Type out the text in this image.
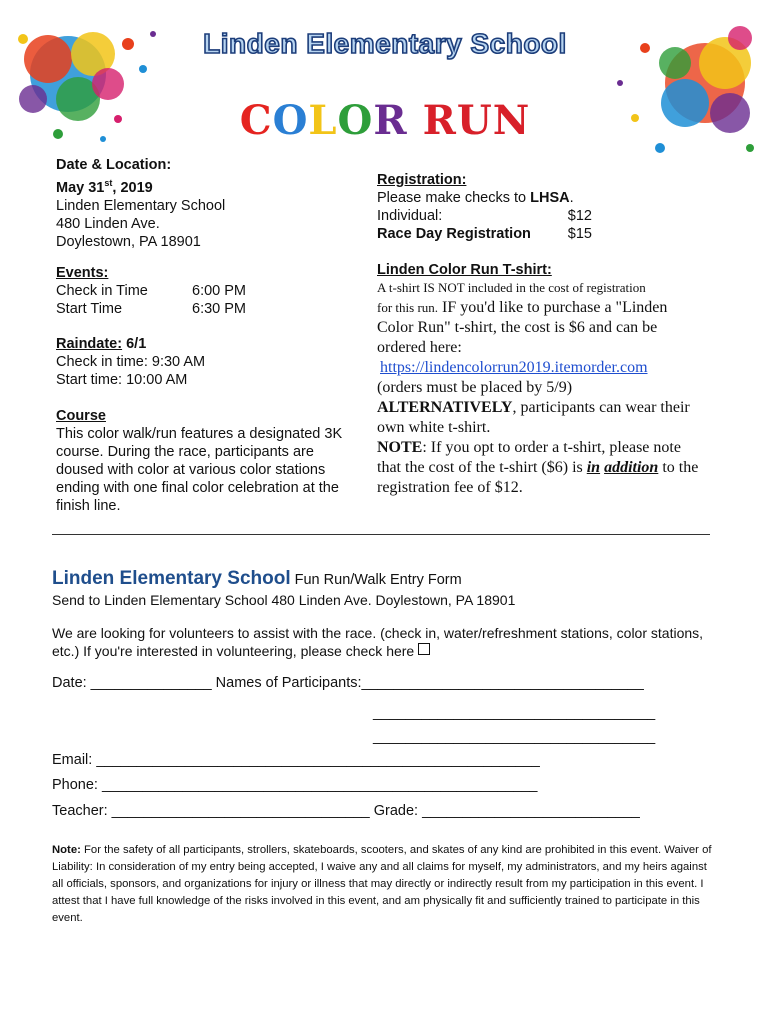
Linden Elementary School
COLOR RUN
Date & Location:
May 31st, 2019
Linden Elementary School
480 Linden Ave.
Doylestown, PA 18901
Events:
Check in Time	6:00 PM
Start Time	6:30 PM
Raindate: 6/1
Check in time: 9:30 AM
Start time: 10:00 AM
Course
This color walk/run features a designated 3K course. During the race, participants are doused with color at various color stations ending with one final color celebration at the finish line.
Registration:
Please make checks to LHSA.
Individual:	$12
Race Day Registration	$15
Linden Color Run T-shirt:
A t-shirt IS NOT included in the cost of registration
for this run. IF you'd like to purchase a "Linden
Color Run" t-shirt, the cost is $6 and can be ordered here:
https://lindencolorrun2019.itemorder.com
(orders must be placed by 5/9)
ALTERNATIVELY, participants can wear their own white t-shirt.
NOTE: If you opt to order a t-shirt, please note that the cost of the t-shirt ($6) is in addition to the registration fee of $12.
Linden Elementary School Fun Run/Walk Entry Form
Send to Linden Elementary School 480 Linden Ave. Doylestown, PA 18901
We are looking for volunteers to assist with the race. (check in, water/refreshment stations, color stations, etc.) If you're interested in volunteering, please check here
Date: _______________ Names of Participants:___________________________________
___________________________________
___________________________________
Email: _______________________________________________________
Phone: ______________________________________________________
Teacher: ________________________________ Grade: ___________________________
Note: For the safety of all participants, strollers, skateboards, scooters, and skates of any kind are prohibited in this event. Waiver of Liability: In consideration of my entry being accepted, I waive any and all claims for myself, my administrators, and my heirs against all officials, sponsors, and organizations for injury or illness that may directly or indirectly result from my participation in this event. I attest that I have full knowledge of the risks involved in this event, and am physically fit and sufficiently trained to participate in this event.
